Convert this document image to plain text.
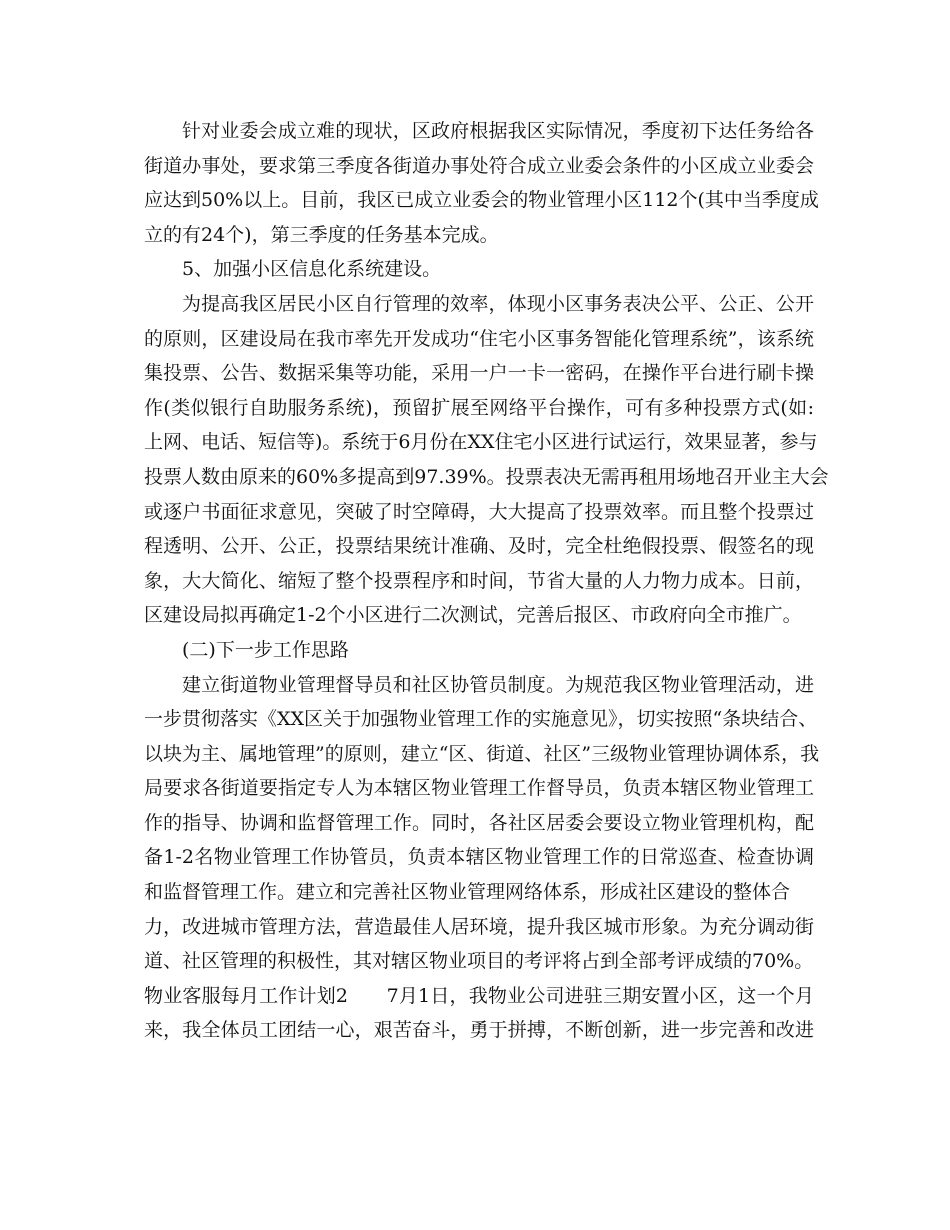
针对业委会成立难的现状，区政府根据我区实际情况，季度初下达任务给各
街道办事处，要求第三季度各街道办事处符合成立业委会条件的小区成立业委会
应达到50%以上。目前，我区已成立业委会的物业管理小区112个(其中当季度成
立的有24个)，第三季度的任务基本完成。
5、加强小区信息化系统建设。
为提高我区居民小区自行管理的效率，体现小区事务表决公平、公正、公开
的原则，区建设局在我市率先开发成功“住宅小区事务智能化管理系统”，该系统
集投票、公告、数据采集等功能，采用一户一卡一密码，在操作平台进行刷卡操
作(类似银行自助服务系统)，预留扩展至网络平台操作，可有多种投票方式(如:
上网、电话、短信等)。系统于6月份在XX住宅小区进行试运行，效果显著，参与
投票人数由原来的60%多提高到97.39%。投票表决无需再租用场地召开业主大会
或逐户书面征求意见，突破了时空障碍，大大提高了投票效率。而且整个投票过
程透明、公开、公正，投票结果统计准确、及时，完全杜绝假投票、假签名的现
象，大大简化、缩短了整个投票程序和时间，节省大量的人力物力成本。日前，
区建设局拟再确定1-2个小区进行二次测试，完善后报区、市政府向全市推广。
(二)下一步工作思路
建立街道物业管理督导员和社区协管员制度。为规范我区物业管理活动，进
一步贯彻落实《XX区关于加强物业管理工作的实施意见》，切实按照“条块结合、
以块为主、属地管理”的原则，建立“区、街道、社区”三级物业管理协调体系，我
局要求各街道要指定专人为本辖区物业管理工作督导员，负责本辖区物业管理工
作的指导、协调和监督管理工作。同时，各社区居委会要设立物业管理机构，配
备1-2名物业管理工作协管员，负责本辖区物业管理工作的日常巡查、检查协调
和监督管理工作。建立和完善社区物业管理网络体系，形成社区建设的整体合
力，改进城市管理方法，营造最佳人居环境，提升我区城市形象。为充分调动街
道、社区管理的积极性，其对辖区物业项目的考评将占到全部考评成绩的70%。
物业客服每月工作计划2　　7月1日，我物业公司进驻三期安置小区，这一个月
来，我全体员工团结一心，艰苦奋斗，勇于拼搏，不断创新，进一步完善和改进
